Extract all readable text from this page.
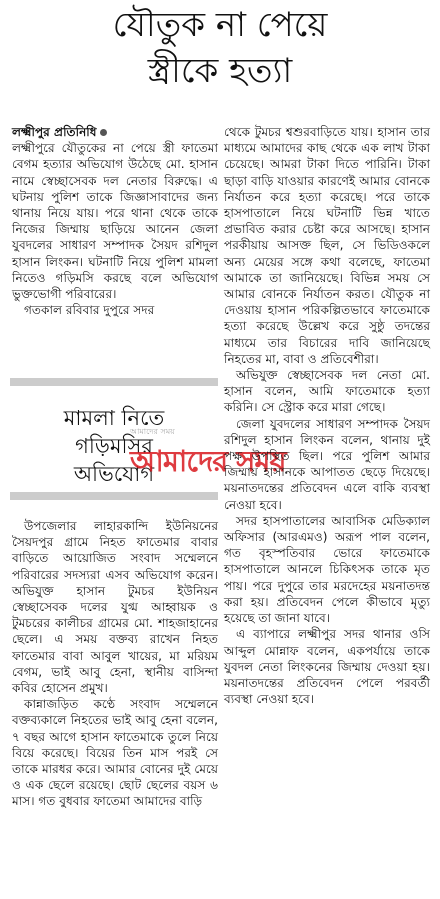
যৌতুক না পেয়ে
স্ত্রীকে হত্যা

লক্ষ্মীপুর প্রতিনিধি

লক্ষ্মীপুরে যৌতুকের না পেয়ে স্ত্রী ফাতেমা বেগম হত্যার অভিযোগ উঠেছে মো. হাসান নামে স্বেচ্ছাসেবক দল নেতার বিরুদ্ধে। এ ঘটনায় পুলিশ তাকে জিজ্ঞাসাবাদের জন্য থানায় নিয়ে যায়। পরে থানা থেকে তাকে নিজের জিম্মায় ছাড়িয়ে আনেন জেলা যুবদলের সাধারণ সম্পাদক সৈয়দ রশিদুল হাসান লিংকন। ঘটনাটি নিয়ে পুলিশ মামলা নিতেও গড়িমসি করছে বলে অভিযোগ ভুক্তভোগী পরিবারের।

গতকাল রবিবার দুপুরে সদর

মামলা নিতে
গড়িমসির
অভিযোগ
আমাদের সময়
আমাদের সময়

উপজেলার লাহারকান্দি ইউনিয়নের সৈয়দপুর গ্রামে নিহত ফাতেমার বাবার বাড়িতে আয়োজিত সংবাদ সম্মেলনে পরিবারের সদস্যরা এসব অভিযোগ করেন। অভিযুক্ত হাসান টুমচর ইউনিয়ন স্বেচ্ছাসেবক দলের যুগ্ম আহ্বায়ক ও টুমচরের কালীচর গ্রামের মো. শাহজাহানের ছেলে। এ সময় বক্তব্য রাখেন নিহত ফাতেমার বাবা আবুল খায়ের, মা মরিয়ম বেগম, ভাই আবু হেনা, স্থানীয় বাসিন্দা কবির হোসেন প্রমুখ।

কান্নাজড়িত কণ্ঠে সংবাদ সম্মেলনে বক্তব্যকালে নিহতের ভাই আবু হেনা বলেন, ৭ বছর আগে হাসান ফাতেমাকে তুলে নিয়ে বিয়ে করেছে। বিয়ের তিন মাস পরই সে তাকে মারধর করে। আমার বোনের দুই মেয়ে ও এক ছেলে রয়েছে। ছোট ছেলের বয়স ৬ মাস। গত বুধবার ফাতেমা আমাদের বাড়ি

থেকে টুমচর শ্বশুরবাড়িতে যায়। হাসান তার মাধ্যমে আমাদের কাছ থেকে এক লাখ টাকা চেয়েছে। আমরা টাকা দিতে পারিনি। টাকা ছাড়া বাড়ি যাওয়ার কারণেই আমার বোনকে নির্যাতন করে হত্যা করেছে। পরে তাকে হাসপাতালে নিয়ে ঘটনাটি ভিন্ন খাতে প্রভাবিত করার চেষ্টা করে আসছে। হাসান পরকীয়ায় আসক্ত ছিল, সে ভিডিওকলে অন্য মেয়ের সঙ্গে কথা বলেছে, ফাতেমা আমাকে তা জানিয়েছে। বিভিন্ন সময় সে আমার বোনকে নির্যাতন করত। যৌতুক না দেওয়ায় হাসান পরিকল্পিতভাবে ফাতেমাকে হত্যা করেছে উল্লেখ করে সুষ্ঠু তদন্তের মাধ্যমে তার বিচারের দাবি জানিয়েছে নিহতের মা, বাবা ও প্রতিবেশীরা।

অভিযুক্ত স্বেচ্ছাসেবক দল নেতা মো. হাসান বলেন, আমি ফাতেমাকে হত্যা করিনি। সে স্ট্রোক করে মারা গেছে।

জেলা যুবদলের সাধারণ সম্পাদক সৈয়দ রশিদুল হাসান লিংকন বলেন, থানায় দুই পক্ষ উপস্থিত ছিল। পরে পুলিশ আমার জিম্মায় হাসানকে আপাতত ছেড়ে দিয়েছে। ময়নাতদন্তের প্রতিবেদন এলে বাকি ব্যবস্থা নেওয়া হবে।

সদর হাসপাতালের আবাসিক মেডিক্যাল অফিসার (আরএমও) অরূপ পাল বলেন, গত বৃহস্পতিবার ভোরে ফাতেমাকে হাসপাতালে আনলে চিকিৎসক তাকে মৃত পায়। পরে দুপুরে তার মরদেহের ময়নাতদন্ত করা হয়। প্রতিবেদন পেলে কীভাবে মৃত্যু হয়েছে তা জানা যাবে।

এ ব্যাপারে লক্ষ্মীপুর সদর থানার ওসি আব্দুল মোন্নাফ বলেন, একপর্যায়ে তাকে যুবদল নেতা লিংকনের জিম্মায় দেওয়া হয়। ময়নাতদন্তের প্রতিবেদন পেলে পরবর্তী ব্যবস্থা নেওয়া হবে।
